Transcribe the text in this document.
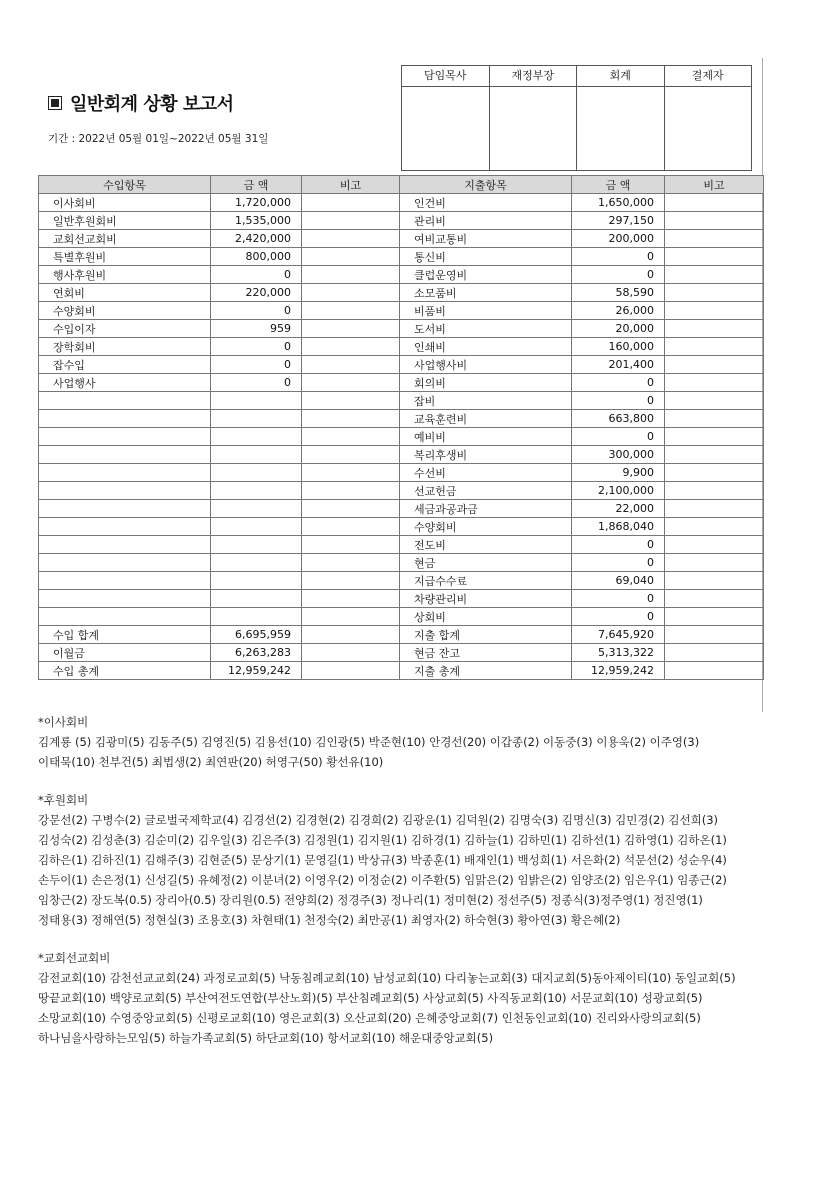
일반회계 상황 보고서
기간 : 2022년 05월 01일~2022년 05월 31일
담임목사	재정부장	회계	결제자
수입항목	금 액	비고	지출항목	금 액	비고
이사회비	1,720,000		인건비	1,650,000	
일반후원회비	1,535,000		관리비	297,150	
교회선교회비	2,420,000		여비교통비	200,000	
특별후원비	800,000		통신비	0	
행사후원비	0		클럽운영비	0	
연회비	220,000		소모품비	58,590	
수양회비	0		비품비	26,000	
수입이자	959		도서비	20,000	
장학회비	0		인쇄비	160,000	
잡수입	0		사업행사비	201,400	
사업행사	0		회의비	0	
			잡비	0	
			교육훈련비	663,800	
			예비비	0	
			복리후생비	300,000	
			수선비	9,900	
			선교헌금	2,100,000	
			세금과공과금	22,000	
			수양회비	1,868,040	
			전도비	0	
			현금	0	
			지급수수료	69,040	
			차량관리비	0	
			상회비	0	
수입 합계	6,695,959		지출 합계	7,645,920	
이월금	6,263,283		현금 잔고	5,313,322	
수입 총계	12,959,242		지출 총계	12,959,242	
*이사회비
김계룡 (5) 김광미(5) 김동주(5) 김영진(5) 김용선(10) 김인광(5) 박준현(10) 안경선(20) 이갑종(2) 이동중(3) 이용욱(2) 이주영(3)
이태묵(10) 천부건(5) 최법생(2) 최연판(20) 허영구(50) 황선유(10)
*후원회비
강문선(2) 구병수(2) 글로벌국제학교(4) 김경선(2) 김경현(2) 김경희(2) 김광운(1) 김덕원(2) 김명숙(3) 김명신(3) 김민경(2) 김선희(3)
김성숙(2) 김성춘(3) 김순미(2) 김우일(3) 김은주(3) 김정원(1) 김지원(1) 김하경(1) 김하늘(1) 김하민(1) 김하선(1) 김하영(1) 김하온(1)
김하은(1) 김하진(1) 김해주(3) 김현준(5) 문상기(1) 문영길(1) 박상규(3) 박종훈(1) 배재인(1) 백성희(1) 서은화(2) 석문선(2) 성순우(4)
손두이(1) 손은정(1) 신성길(5) 유혜정(2) 이분녀(2) 이영우(2) 이정순(2) 이주환(5) 임맑은(2) 임밝은(2) 임양조(2) 임은우(1) 임종근(2)
임창근(2) 장도복(0.5) 장리아(0.5) 장리원(0.5) 전양희(2) 정경주(3) 정나리(1) 정미현(2) 정선주(5) 정종식(3)정주영(1) 정진영(1)
정태용(3) 정해연(5) 정현실(3) 조용호(3) 차현태(1) 천정숙(2) 최만공(1) 최영자(2) 하숙현(3) 황아연(3) 황은혜(2)
*교회선교회비
감전교회(10) 감천선교교회(24) 과정로교회(5) 낙동침례교회(10) 남성교회(10) 다리놓는교회(3) 대지교회(5)동아제이티(10) 동일교회(5)
땅끝교회(10) 백양로교회(5) 부산여전도연합(부산노회)(5) 부산침례교회(5) 사상교회(5) 사직동교회(10) 서문교회(10) 성광교회(5)
소망교회(10) 수영중앙교회(5) 신평로교회(10) 영은교회(3) 오산교회(20) 은혜중앙교회(7) 인천동인교회(10) 진리와사랑의교회(5)
하나님을사랑하는모임(5) 하늘가족교회(5) 하단교회(10) 항서교회(10) 해운대중앙교회(5)
